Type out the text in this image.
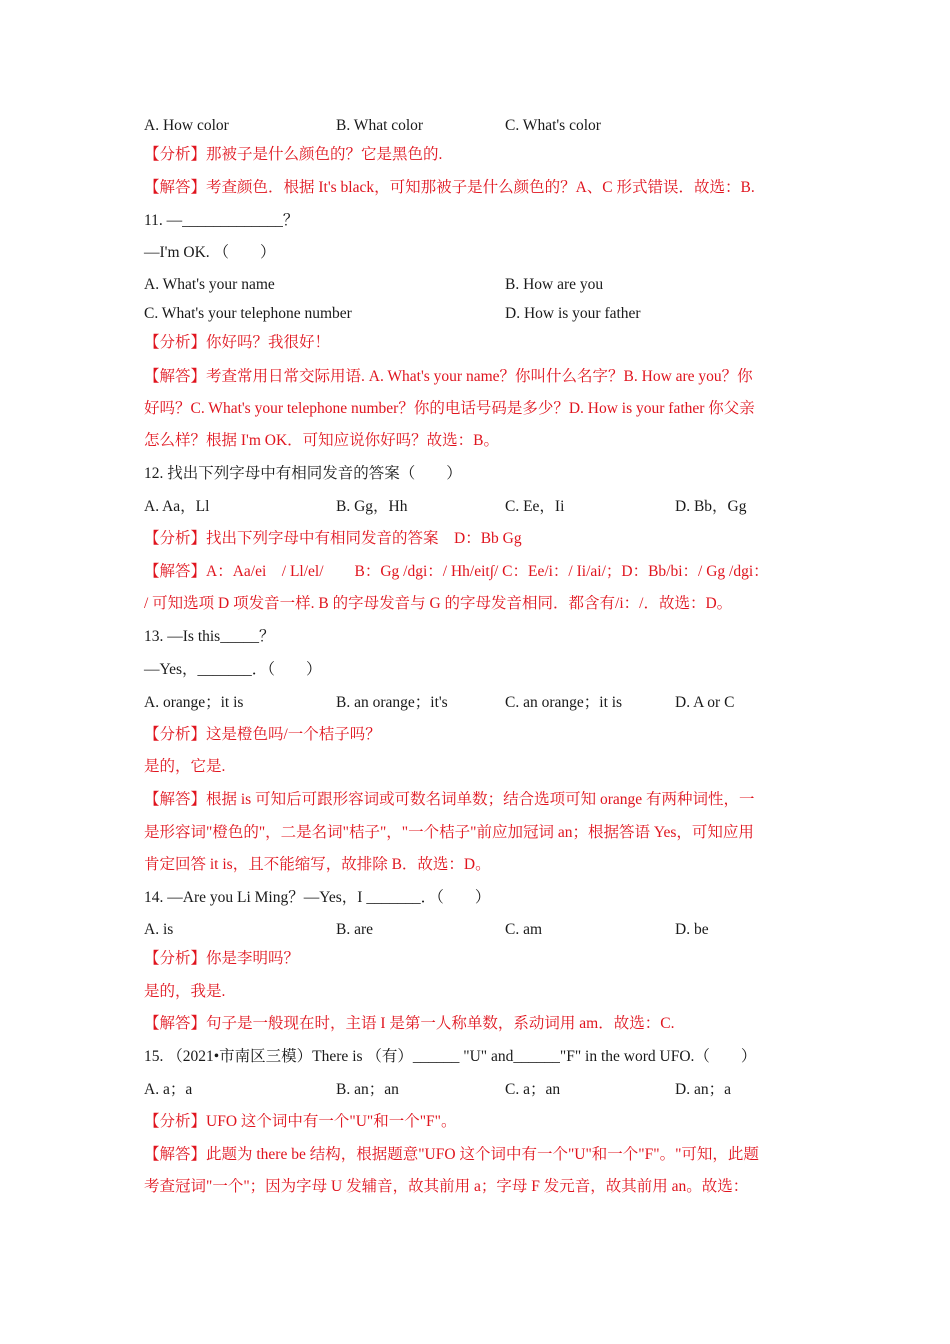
A. How color	B. What color	C. What's color
【分析】那被子是什么颜色的？它是黑色的.
【解答】考查颜色．根据 It's black，可知那被子是什么颜色的？A、C 形式错误．故选：B.
11. —_____________？
—I'm OK. （　　）
A. What's your name	B. How are you
C. What's your telephone number	D. How is your father
【分析】你好吗？我很好！
【解答】考查常用日常交际用语. A. What's your name？你叫什么名字？B. How are you？你
好吗？C. What's your telephone number？你的电话号码是多少？D. How is your father 你父亲
怎么样？根据 I'm OK．可知应说你好吗？故选：B。
12. 找出下列字母中有相同发音的答案（　　）
A. Aa，Ll	B. Gg，Hh	C. Ee，Ii	D. Bb，Gg
【分析】找出下列字母中有相同发音的答案　D：Bb Gg
【解答】A：Aa/ei　/ Ll/el/　　B：Gg /dgi：/ Hh/eit∫/ C：Ee/i：/ Ii/ai/；D：Bb/bi：/ Gg /dgi：
/ 可知选项 D 项发音一样. B 的字母发音与 G 的字母发音相同．都含有/i：/．故选：D。
13. —Is this_____？
—Yes，_______．（　　）
A. orange；it is	B. an orange；it's	C. an orange；it is	D. A or C
【分析】这是橙色吗/一个桔子吗？
是的，它是.
【解答】根据 is 可知后可跟形容词或可数名词单数；结合选项可知 orange 有两种词性，一
是形容词"橙色的"，二是名词"桔子"，"一个桔子"前应加冠词 an；根据答语 Yes，可知应用
肯定回答 it is，且不能缩写，故排除 B．故选：D。
14. —Are you Li Ming？—Yes，I _______．（　　）
A. is	B. are	C. am	D. be
【分析】你是李明吗？
是的，我是.
【解答】句子是一般现在时，主语 I 是第一人称单数，系动词用 am．故选：C.
15. （2021•市南区三模）There is （有）______ "U" and______"F" in the word UFO.（　　）
A. a；a	B. an；an	C. a；an	D. an；a
【分析】UFO 这个词中有一个"U"和一个"F"。
【解答】此题为 there be 结构，根据题意"UFO 这个词中有一个"U"和一个"F"。"可知，此题
考查冠词"一个"；因为字母 U 发辅音，故其前用 a；字母 F 发元音，故其前用 an。故选：
